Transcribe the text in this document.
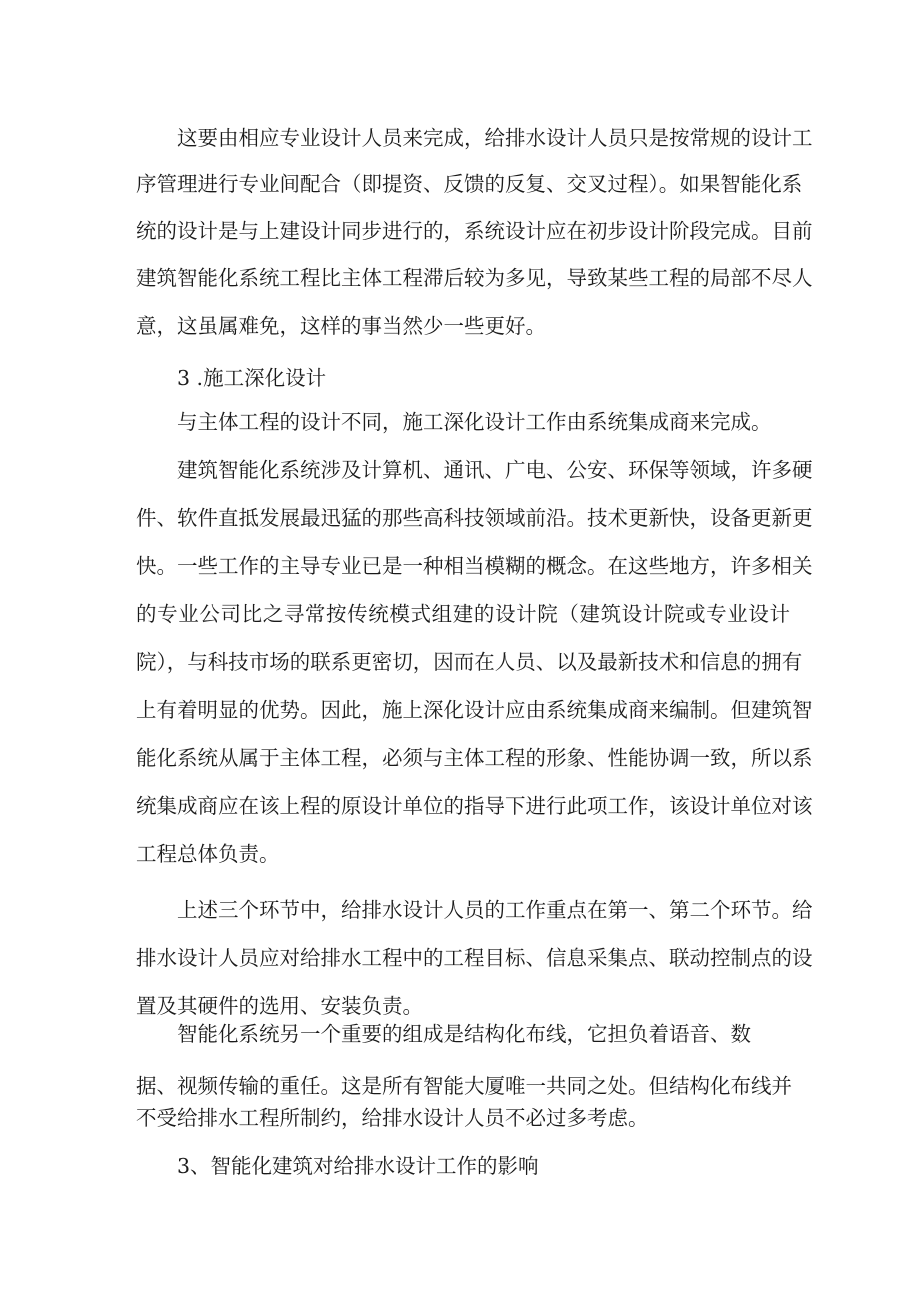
这要由相应专业设计人员来完成，给排水设计人员只是按常规的设计工
序管理进行专业间配合（即提资、反馈的反复、交叉过程）。如果智能化系
统的设计是与上建设计同步进行的，系统设计应在初步设计阶段完成。目前
建筑智能化系统工程比主体工程滞后较为多见，导致某些工程的局部不尽人
意，这虽属难免，这样的事当然少一些更好。
3 .施工深化设计
与主体工程的设计不同，施工深化设计工作由系统集成商来完成。
建筑智能化系统涉及计算机、通讯、广电、公安、环保等领域，许多硬
件、软件直抵发展最迅猛的那些高科技领域前沿。技术更新快，设备更新更
快。一些工作的主导专业已是一种相当模糊的概念。在这些地方，许多相关
的专业公司比之寻常按传统模式组建的设计院（建筑设计院或专业设计
院），与科技市场的联系更密切，因而在人员、以及最新技术和信息的拥有
上有着明显的优势。因此，施上深化设计应由系统集成商来编制。但建筑智
能化系统从属于主体工程，必须与主体工程的形象、性能协调一致，所以系
统集成商应在该上程的原设计单位的指导下进行此项工作，该设计单位对该
工程总体负责。
上述三个环节中，给排水设计人员的工作重点在第一、第二个环节。给
排水设计人员应对给排水工程中的工程目标、信息采集点、联动控制点的设
置及其硬件的选用、安装负责。
智能化系统另一个重要的组成是结构化布线，它担负着语音、数
据、视频传输的重任。这是所有智能大厦唯一共同之处。但结构化布线并
不受给排水工程所制约，给排水设计人员不必过多考虑。
3、智能化建筑对给排水设计工作的影响
